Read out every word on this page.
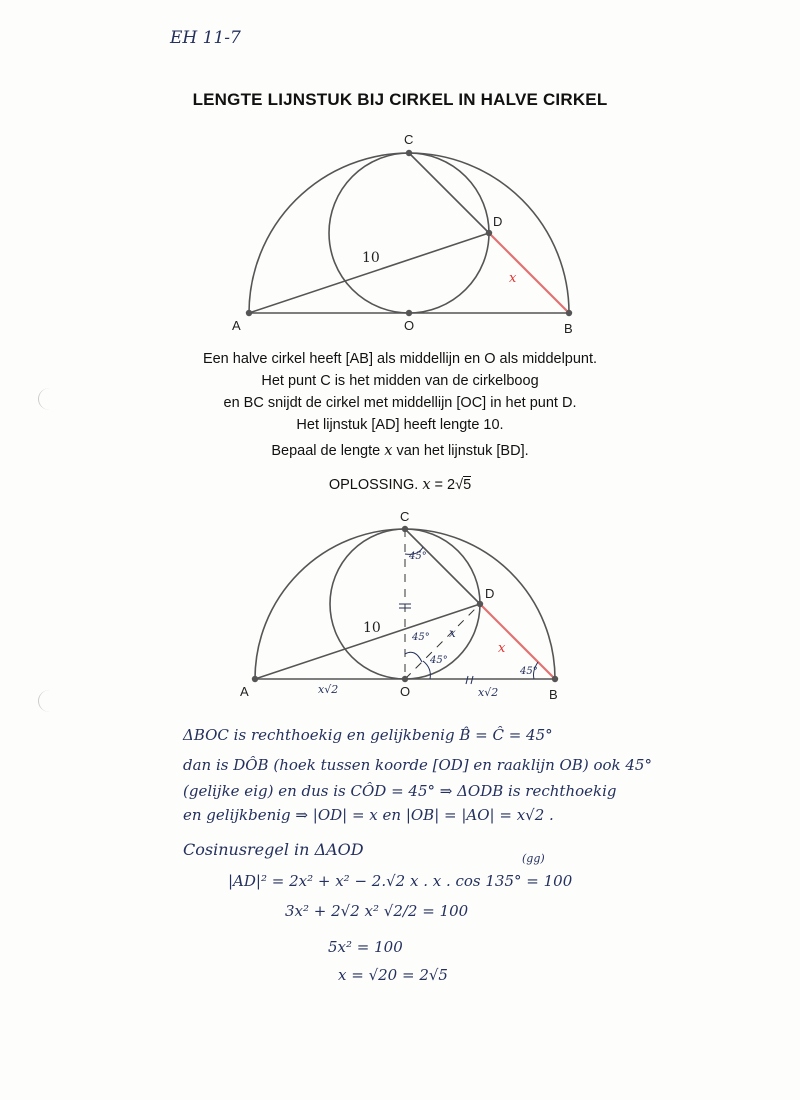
EH 11-7
LENGTE LIJNSTUK BIJ CIRKEL IN HALVE CIRKEL
C
D
A	O	B
10
x
Een halve cirkel heeft [AB] als middellijn en O als middelpunt.
Het punt C is het midden van de cirkelboog
en BC snijdt de cirkel met middellijn [OC] in het punt D.
Het lijnstuk [AD] heeft lengte 10.
Bepaal de lengte x van het lijnstuk [BD].
OPLOSSING. x = 2√5
C
D
A	O	B
10
x
45°
45°
45°
45°
x
x√2	x√2
ΔBOC is rechthoekig en gelijkbenig B̂ = Ĉ = 45°
dan is DÔB (hoek tussen koorde [OD] en raaklijn OB) ook 45°
(gelijke eig) en dus is CÔD = 45° ⇒ ΔODB is rechthoekig
en gelijkbenig ⇒ |OD| = x en |OB| = |AO| = x√2 .
Cosinusregel in ΔAOD	(gg)
|AD|² = 2x² + x² − 2.√2 x . x . cos 135° = 100
3x² + 2√2 x² √2/2 = 100
5x² = 100
x = √20 = 2√5
